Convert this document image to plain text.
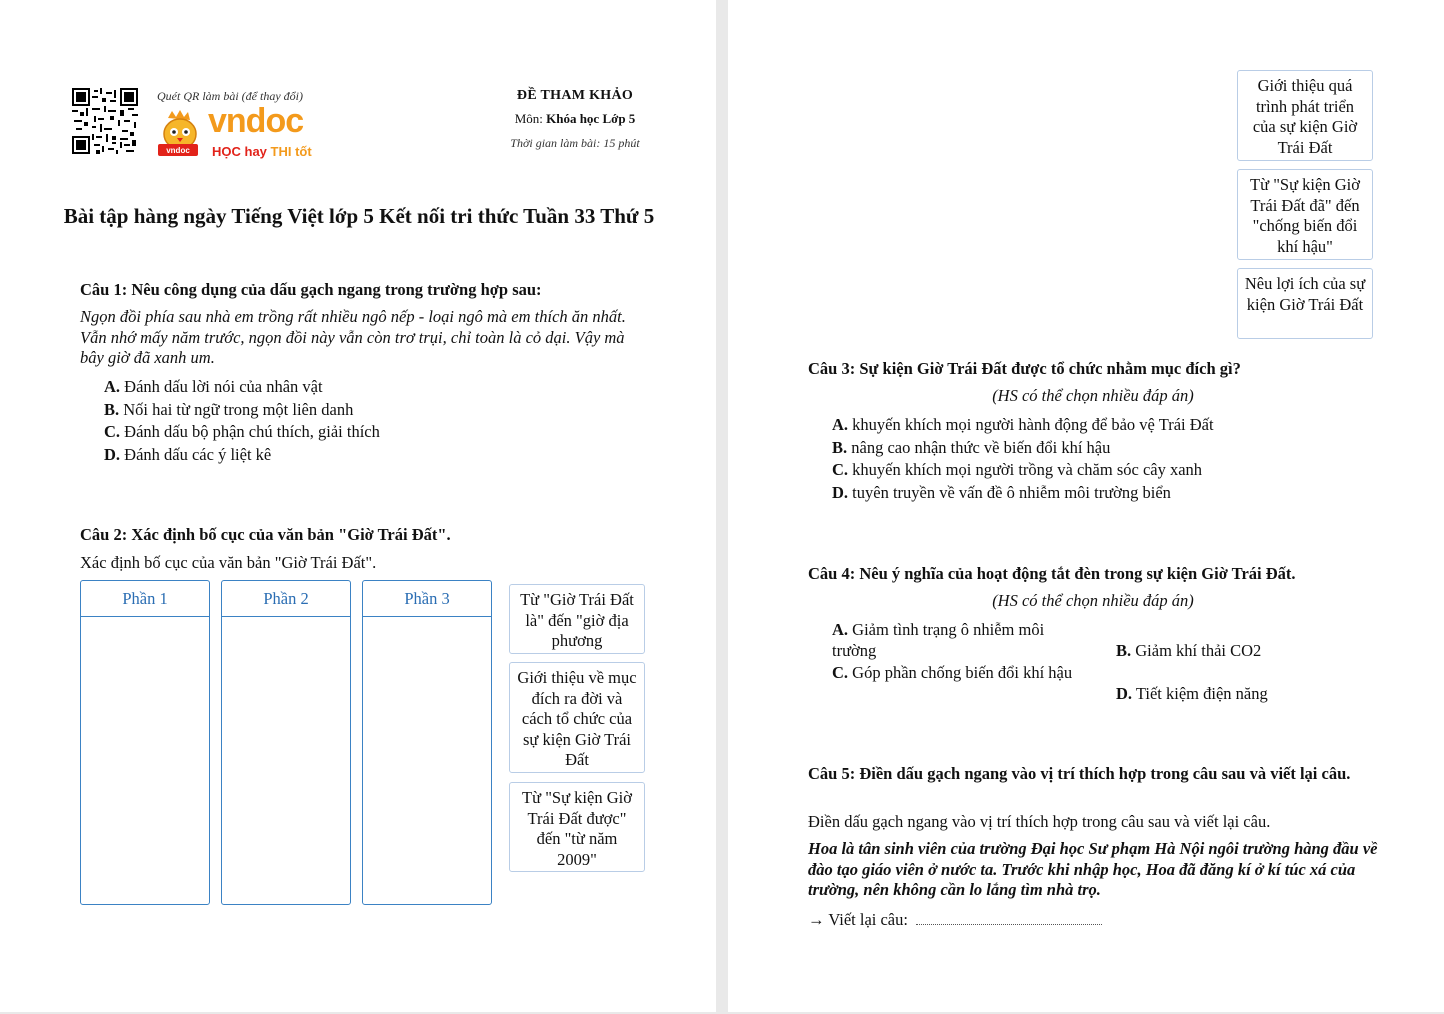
Quét QR làm bài (để thay đổi)
vndoc
vndoc
HỌC hay THI tốt
ĐỀ THAM KHẢO
Môn: Khóa học Lớp 5
Thời gian làm bài: 15 phút
Bài tập hàng ngày Tiếng Việt lớp 5 Kết nối tri thức Tuần 33 Thứ 5
Câu 1: Nêu công dụng của dấu gạch ngang trong trường hợp sau:
Ngọn đồi phía sau nhà em trồng rất nhiều ngô nếp - loại ngô mà em thích ăn nhất. Vẫn nhớ mấy năm trước, ngọn đồi này vẫn còn trơ trụi, chỉ toàn là cỏ dại. Vậy mà bây giờ đã xanh um.
A. Đánh dấu lời nói của nhân vật
B. Nối hai từ ngữ trong một liên danh
C. Đánh dấu bộ phận chú thích, giải thích
D. Đánh dấu các ý liệt kê
Câu 2: Xác định bố cục của văn bản "Giờ Trái Đất".
Xác định bố cục của văn bản "Giờ Trái Đất".
Phần 1	Phần 2	Phần 3	Từ "Giờ Trái Đất là" đến "giờ địa phương
Giới thiệu về mục đích ra đời và cách tổ chức của sự kiện Giờ Trái Đất
Từ "Sự kiện Giờ Trái Đất được" đến "từ năm 2009"
Giới thiệu quá trình phát triển của sự kiện Giờ Trái Đất
Từ "Sự kiện Giờ Trái Đất đã" đến "chống biến đổi khí hậu"
Nêu lợi ích của sự kiện Giờ Trái Đất
Câu 3: Sự kiện Giờ Trái Đất được tổ chức nhằm mục đích gì?
(HS có thể chọn nhiều đáp án)
A. khuyến khích mọi người hành động để bảo vệ Trái Đất
B. nâng cao nhận thức về biến đổi khí hậu
C. khuyến khích mọi người trồng và chăm sóc cây xanh
D. tuyên truyền về vấn đề ô nhiễm môi trường biển
Câu 4: Nêu ý nghĩa của hoạt động tắt đèn trong sự kiện Giờ Trái Đất.
(HS có thể chọn nhiều đáp án)
A. Giảm tình trạng ô nhiễm môi trường	B. Giảm khí thải CO2
C. Góp phần chống biến đổi khí hậu
D. Tiết kiệm điện năng
Câu 5: Điền dấu gạch ngang vào vị trí thích hợp trong câu sau và viết lại câu.
Điền dấu gạch ngang vào vị trí thích hợp trong câu sau và viết lại câu.
Hoa là tân sinh viên của trường Đại học Sư phạm Hà Nội ngôi trường hàng đầu về đào tạo giáo viên ở nước ta. Trước khi nhập học, Hoa đã đăng kí ở kí túc xá của trường, nên không cần lo lắng tìm nhà trọ.
→ Viết lại câu:
